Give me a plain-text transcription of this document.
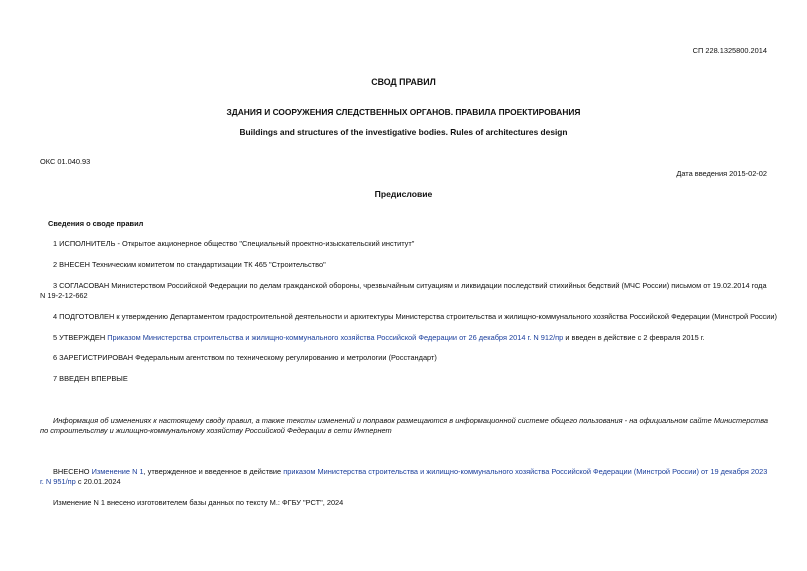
СП 228.1325800.2014
СВОД ПРАВИЛ
ЗДАНИЯ И СООРУЖЕНИЯ СЛЕДСТВЕННЫХ ОРГАНОВ. ПРАВИЛА ПРОЕКТИРОВАНИЯ
Buildings and structures of the investigative bodies. Rules of architectures design
ОКС 01.040.93
Дата введения 2015-02-02
Предисловие
Сведения о своде правил
1 ИСПОЛНИТЕЛЬ - Открытое акционерное общество "Специальный проектно-изыскательский институт"
2 ВНЕСЕН Техническим комитетом по стандартизации ТК 465 "Строительство"
3 СОГЛАСОВАН Министерством Российской Федерации по делам гражданской обороны, чрезвычайным ситуациям и ликвидации последствий стихийных бедствий (МЧС России) письмом от 19.02.2014 года N 19-2-12-662
4 ПОДГОТОВЛЕН к утверждению Департаментом градостроительной деятельности и архитектуры Министерства строительства и жилищно-коммунального хозяйства Российской Федерации (Минстрой России)
5 УТВЕРЖДЕН Приказом Министерства строительства и жилищно-коммунального хозяйства Российской Федерации от 26 декабря 2014 г. N 912/пр и введен в действие с 2 февраля 2015 г.
6 ЗАРЕГИСТРИРОВАН Федеральным агентством по техническому регулированию и метрологии (Росстандарт)
7 ВВЕДЕН ВПЕРВЫЕ
Информация об изменениях к настоящему своду правил, а также тексты изменений и поправок размещаются в информационной системе общего пользования - на официальном сайте Министерства по строительству и жилищно-коммунальному хозяйству Российской Федерации в сети Интернет
ВНЕСЕНО Изменение N 1, утвержденное и введенное в действие приказом Министерства строительства и жилищно-коммунального хозяйства Российской Федерации (Минстрой России) от 19 декабря 2023 г. N 951/пр с 20.01.2024
Изменение N 1 внесено изготовителем базы данных по тексту М.: ФГБУ "РСТ", 2024
